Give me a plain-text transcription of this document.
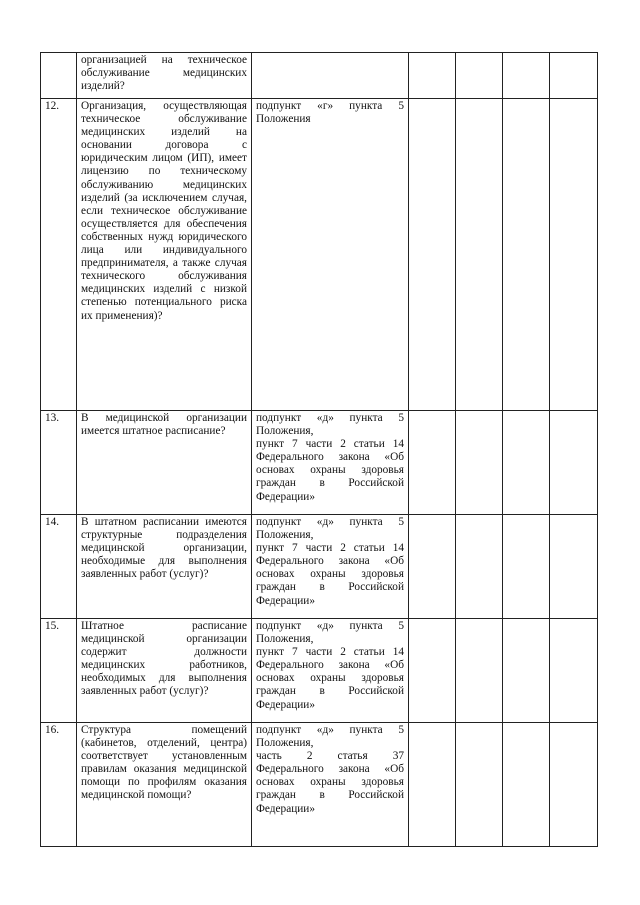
	организацией на техническое обслуживание медицинских изделий?					
12.	Организация, осуществляющая техническое обслуживание медицинских изделий на основании договора с юридическим лицом (ИП), имеет лицензию по техническому обслуживанию медицинских изделий (за исключением случая, если техническое обслуживание осуществляется для обеспечения собственных нужд юридического лица или индивидуального предпринимателя, а также случая технического обслуживания медицинских изделий с низкой степенью потенциального риска их применения)?	подпункт «г» пункта 5 Положения				
13.	В медицинской организации имеется штатное расписание?	подпункт «д» пункта 5 Положения,
пункт 7 части 2 статьи 14 Федерального закона «Об основах охраны здоровья граждан в Российской Федерации»				
14.	В штатном расписании имеются структурные подразделения медицинской организации, необходимые для выполнения заявленных работ (услуг)?	подпункт «д» пункта 5 Положения,
пункт 7 части 2 статьи 14 Федерального закона «Об основах охраны здоровья граждан в Российской Федерации»				
15.	Штатное расписание медицинской организации содержит должности медицинских работников, необходимых для выполнения заявленных работ (услуг)?	подпункт «д» пункта 5 Положения,
пункт 7 части 2 статьи 14 Федерального закона «Об основах охраны здоровья граждан в Российской Федерации»				
16.	Структура помещений (кабинетов, отделений, центра) соответствует установленным правилам оказания медицинской помощи по профилям оказания медицинской помощи?	подпункт «д» пункта 5 Положения,
часть 2 статья 37 Федерального закона «Об основах охраны здоровья граждан в Российской Федерации»				
